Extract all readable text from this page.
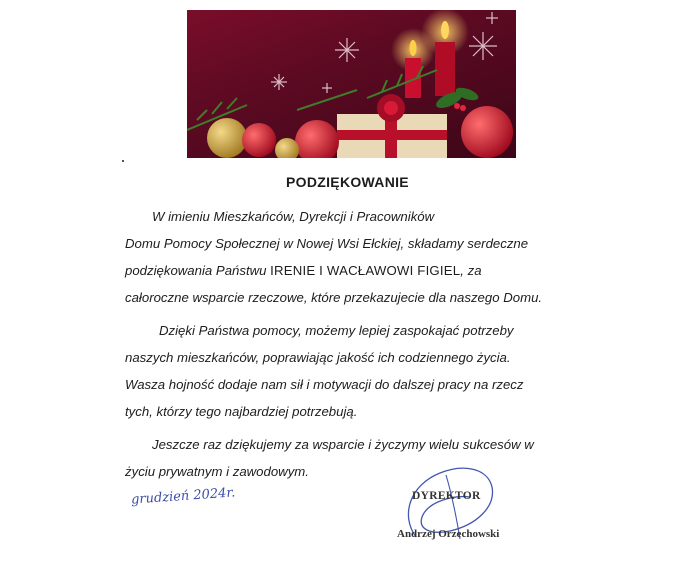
PODZIĘKOWANIE
W imieniu Mieszkańców, Dyrekcji i Pracowników
Domu Pomocy Społecznej w Nowej Wsi Ełckiej, składamy serdeczne
podziękowania Państwu IRENIE I WACŁAWOWI FIGIEL, za
całoroczne wsparcie rzeczowe, które przekazujecie dla naszego Domu.
Dzięki Państwa pomocy, możemy lepiej zaspokajać potrzeby
naszych mieszkańców, poprawiając jakość ich codziennego życia.
Wasza hojność dodaje nam sił i motywacji do dalszej pracy na rzecz
tych, którzy tego najbardziej potrzebują.
Jeszcze raz dziękujemy za wsparcie i życzymy wielu sukcesów w
życiu prywatnym i zawodowym.
grudzień 2024r.	DYREKTOR
Andrzej Orzechowski
